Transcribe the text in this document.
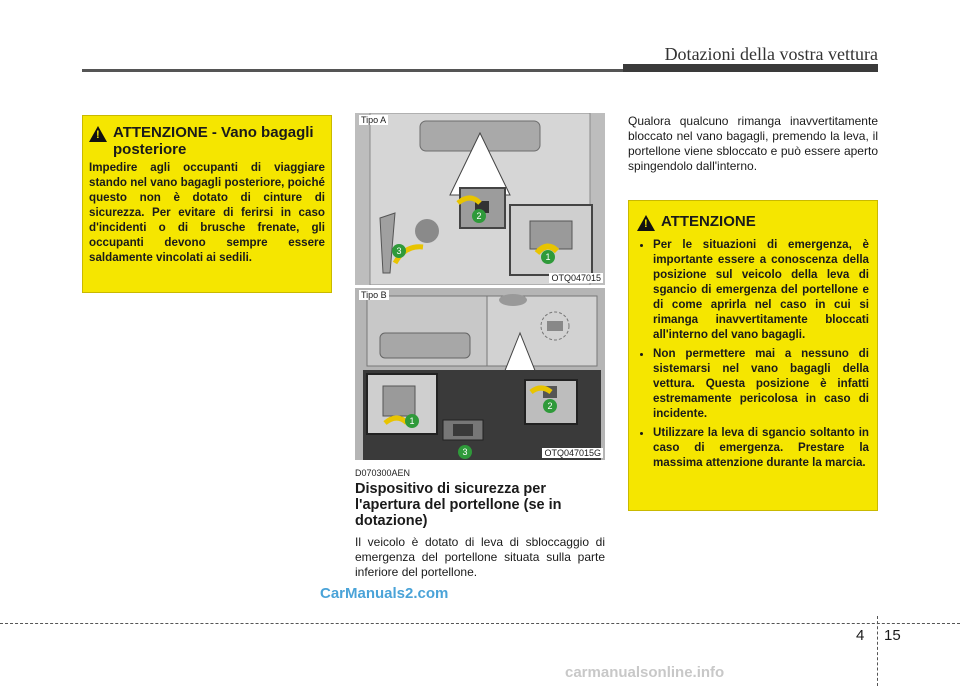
Dotazioni della vostra vettura
!
ATTENZIONE - Vano bagagli posteriore
Impedire agli occupanti di viaggiare stando nel vano bagagli posteriore, poiché questo non è dotato di cinture di sicurezza. Per evitare di ferirsi in caso d'incidenti o di brusche frenate, gli occupanti devono sempre essere saldamente vincolati ai sedili.	3
2
1
Tipo A
OTQ047015
1
2
3
Tipo B
OTQ047015G
D070300AEN
Dispositivo di sicurezza per l'apertura del portellone (se in dotazione)
Il veicolo è dotato di leva di sbloccaggio di emergenza del portellone situata sulla parte inferiore del portellone.
Qualora qualcuno rimanga inavvertitamente bloccato nel vano bagagli, premendo la leva, il portellone viene sbloccato e può essere aperto spingendolo dall'interno.
!
ATTENZIONE
• Per le situazioni di emergenza, è importante essere a conoscenza della posizione sul veicolo della leva di sgancio di emergenza del portellone e di come aprirla nel caso in cui si rimanga inavvertitamente bloccati all'interno del vano bagagli.
• Non permettere mai a nessuno di sistemarsi nel vano bagagli della vettura. Questa posizione è infatti estremamente pericolosa in caso di incidente.
• Utilizzare la leva di sgancio soltanto in caso di emergenza. Prestare la massima attenzione durante la marcia.
CarManuals2.com
4 15
carmanualsonline.info
